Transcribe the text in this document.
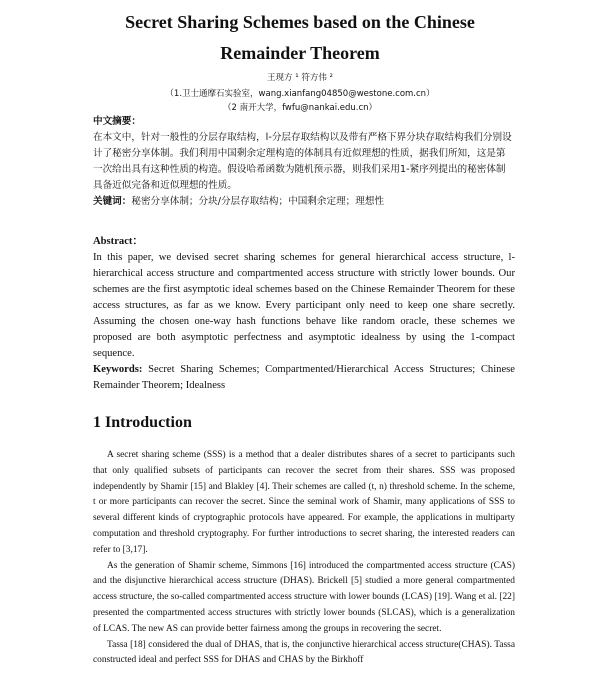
Secret Sharing Schemes based on the Chinese
Remainder Theorem
王现方 ¹ 符方伟 ²
（1.卫士通摩石实验室，wang.xianfang04850@westone.com.cn）
（2 南开大学，fwfu@nankai.edu.cn）

中文摘要：

在本文中，针对一般性的分层存取结构，l-分层存取结构以及带有严格下界分块存取结构我们分别设计了秘密分享体制。我们利用中国剩余定理构造的体制具有近似理想的性质，据我们所知，这是第一次给出具有这种性质的构造。假设哈希函数为随机预示器，则我们采用1-紧序列提出的秘密体制具备近似完备和近似理想的性质。

关键词：秘密分享体制；分块/分层存取结构；中国剩余定理；理想性

Abstract：

In this paper, we devised secret sharing schemes for general hierarchical access structure, l-hierarchical access structure and compartmented access structure with strictly lower bounds. Our schemes are the first asymptotic ideal schemes based on the Chinese Remainder Theorem for these access structures, as far as we know. Every participant only need to keep one share secretly. Assuming the chosen one-way hash functions behave like random oracle, these schemes we proposed are both asymptotic perfectness and asymptotic idealness by using the 1-compact sequence.

Keywords: Secret Sharing Schemes; Compartmented/Hierarchical Access Structures; Chinese Remainder Theorem; Idealness

1 Introduction

A secret sharing scheme (SSS) is a method that a dealer distributes shares of a secret to participants such that only qualified subsets of participants can recover the secret from their shares. SSS was proposed independently by Shamir [15] and Blakley [4]. Their schemes are called (t, n) threshold scheme. In the scheme, t or more participants can recover the secret. Since the seminal work of Shamir, many applications of SSS to several different kinds of cryptographic protocols have appeared. For example, the applications in multiparty computation and threshold cryptography. For further introductions to secret sharing, the interested readers can refer to [3,17].

As the generation of Shamir scheme, Simmons [16] introduced the compartmented access structure (CAS) and the disjunctive hierarchical access structure (DHAS). Brickell [5] studied a more general compartmented access structure, the so-called compartmented access structure with lower bounds (LCAS) [19]. Wang et al. [22] presented the compartmented access structures with strictly lower bounds (SLCAS), which is a generalization of LCAS. The new AS can provide better fairness among the groups in recovering the secret.

Tassa [18] considered the dual of DHAS, that is, the conjunctive hierarchical access structure(CHAS). Tassa constructed ideal and perfect SSS for DHAS and CHAS by the Birkhoff
